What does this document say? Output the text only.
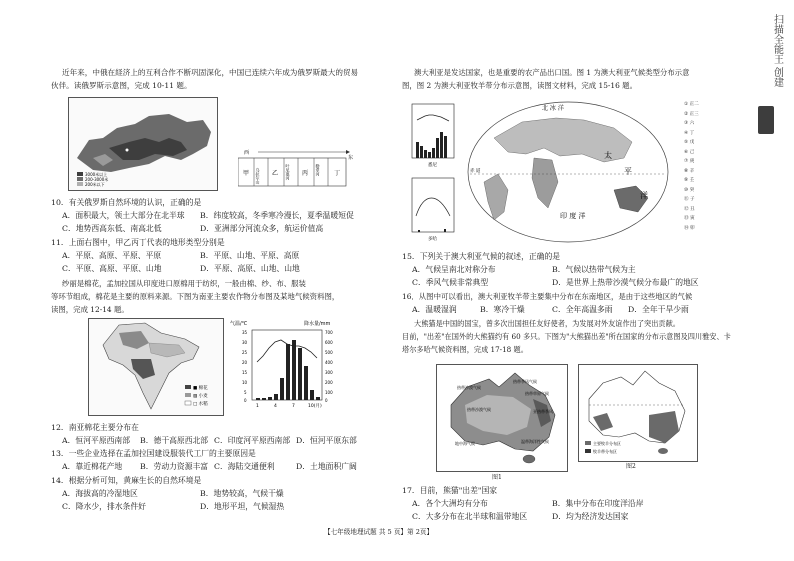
近年来，中俄在経济上的互利合作不断巩固深化，中国已连续六年成为俄罗斯最大的贸易
伙伴。读俄罗斯示意图，完成 10-11 题。
3000米以上
200-3000米
200米以下
西
东
甲 乌拉尔山 乙 叶尼塞河 丙 勒拿河 丁
10．有关俄罗斯自然环境的认识，正确的是
A．面积最大，领土大部分在北半球 B．纬度较高，冬季寒冷漫长，夏季温暖短促
C．地势西高东低、南高北低	D．亚洲部分河流众多，航运价值高
11．上面右图中，甲乙丙丁代表的地形类型分别是
A．平原、高原、平原、平原	B．平原、山地、平原、高原
C．平原、高原、平原、山地	D．平原、高原、山地、山地
纱丽是棉花，孟加拉国从印度进口原棉用于纺织，一般由棉、纱、布、服装
等环节组成，棉花是主要的原料来源。下图为南亚主要农作物分布图及某地气候资料图，
读图，完成 12-14 题。
■ 棉花
▨ 小麦
□ 水稻
气温/℃	降水量/mm
1	4	7	10(月)
35
30
25
20
15
10
5
0
700
600
500
400
300
200
100
0
12．南亚棉花主要分布在
A．恒河平原西南部 B．德干高原西北部 C．印度河平原西南部 D．恒河平原东部
13．一些企业选择在孟加拉国建设服装代工厂的主要原因是
A．靠近棉花产地 B．劳动力资源丰富 C．海陆交通便利	D．土地面积广阔
14．根据分析可知，黄麻生长的自然环境是
A．海拔高的冷湿地区	B．地势较高，气候干燥
C．降水少，排水条件好	D．地形平坦，气候湿热
澳大利亚是发达国家，也是重要的农产品出口国。图 1 为澳大利亚气候类型分布示意
图，图 2 为澳大利亚牧羊带分布示意图，读图文材料，完成 15-16 题。
悉尼
多哈
北 冰 洋
太
平
洋
印 度 洋
赤 道
① 正二
② 正三
③ 六
④ 丁
⑤ 戊
⑥ 己
⑦ 庚
⑧ 辛
⑨ 壬
⑩ 癸
⑪ 子
⑫ 丑
⑬ 寅
⑭ 卯
15．下列关于澳大利亚气候的叙述，正确的是
A．气候呈南北对称分布	B．气候以热带气候为主
C．季风气候非常典型	D．是世界上热带沙漠气候分布最广的地区
16．从图中可以看出，澳大利亚牧羊带主要集中分布在东南地区，是由于这些地区的气候
A．温暖湿润	B．寒冷干燥	C．全年高温多雨 D．全年干旱少雨
大熊猫是中国的国宝，曾多次出国担任友好使者，为发展对外友谊作出了突出贡献。
目前，"出差"在国外的大熊猫约有 60 多只。下图为"大熊猫出差"所在国家的分布示意图及四川雅安、卡
塔尔多哈气候资料图，完成 17-18 题。
热带沙漠气候
热带沙漠气候
热带季风气候
热带草原气候
亚热带季风
地中海气候	温带海洋性气候
图1
主要牧羊分布区
牧羊带分布区
图2
17．目前，熊猫"出差"国家
A．各个大洲均有分布	B．集中分布在印度洋沿岸
C．大多分布在北半球和温带地区	D．均为经济发达国家
【七年级地理试题 共 5 页】第 2页】
扫描全能王 创建
